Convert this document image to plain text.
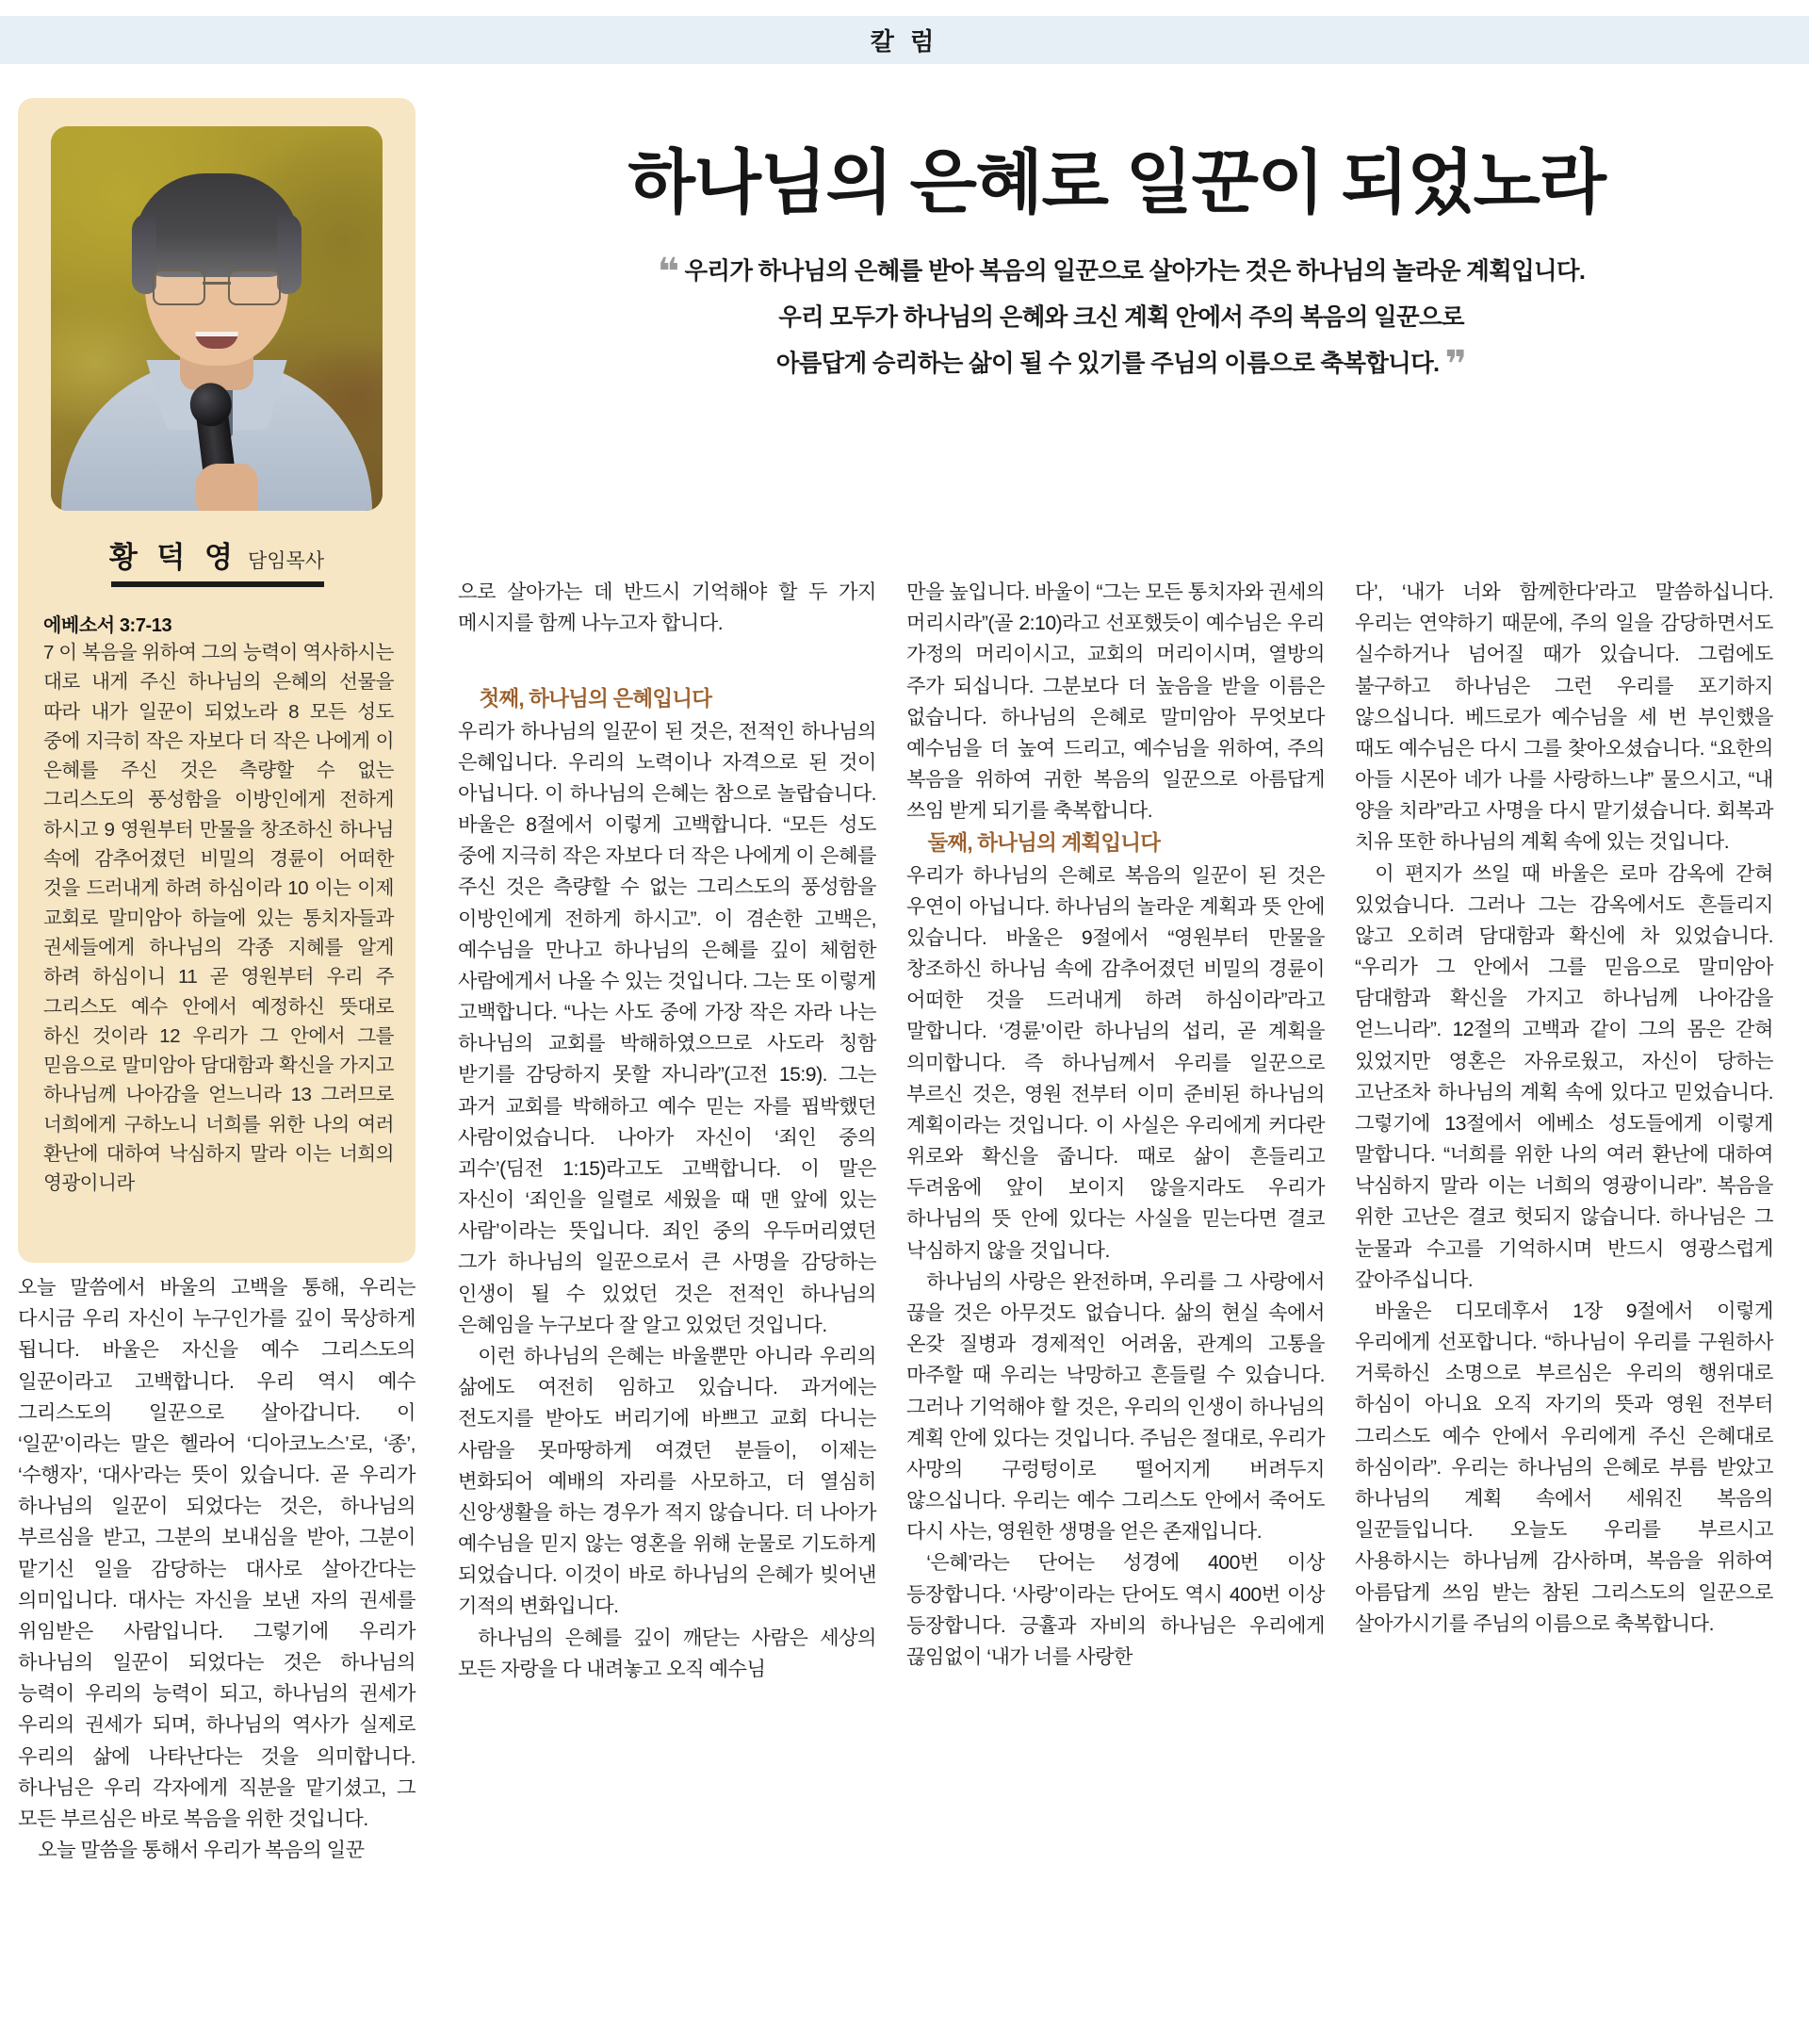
칼 럼
황 덕 영 담임목사
에베소서 3:7-13
7 이 복음을 위하여 그의 능력이 역사하시는 대로 내게 주신 하나님의 은혜의 선물을 따라 내가 일꾼이 되었노라 8 모든 성도 중에 지극히 작은 자보다 더 작은 나에게 이 은혜를 주신 것은 측량할 수 없는 그리스도의 풍성함을 이방인에게 전하게 하시고 9 영원부터 만물을 창조하신 하나님 속에 감추어졌던 비밀의 경륜이 어떠한 것을 드러내게 하려 하심이라 10 이는 이제 교회로 말미암아 하늘에 있는 통치자들과 권세들에게 하나님의 각종 지혜를 알게 하려 하심이니 11 곧 영원부터 우리 주 그리스도 예수 안에서 예정하신 뜻대로 하신 것이라 12 우리가 그 안에서 그를 믿음으로 말미암아 담대함과 확신을 가지고 하나님께 나아감을 얻느니라 13 그러므로 너희에게 구하노니 너희를 위한 나의 여러 환난에 대하여 낙심하지 말라 이는 너희의 영광이니라
하나님의 은혜로 일꾼이 되었노라
❝ 우리가 하나님의 은혜를 받아 복음의 일꾼으로 살아가는 것은 하나님의 놀라운 계획입니다.
우리 모두가 하나님의 은혜와 크신 계획 안에서 주의 복음의 일꾼으로
아름답게 승리하는 삶이 될 수 있기를 주님의 이름으로 축복합니다. ❞

오늘 말씀에서 바울의 고백을 통해, 우리는 다시금 우리 자신이 누구인가를 깊이 묵상하게 됩니다. 바울은 자신을 예수 그리스도의 일꾼이라고 고백합니다. 우리 역시 예수 그리스도의 일꾼으로 살아갑니다. 이 ‘일꾼’이라는 말은 헬라어 ‘디아코노스’로, ‘종’, ‘수행자’, ‘대사’라는 뜻이 있습니다. 곧 우리가 하나님의 일꾼이 되었다는 것은, 하나님의 부르심을 받고, 그분의 보내심을 받아, 그분이 맡기신 일을 감당하는 대사로 살아간다는 의미입니다. 대사는 자신을 보낸 자의 권세를 위임받은 사람입니다. 그렇기에 우리가 하나님의 일꾼이 되었다는 것은 하나님의 능력이 우리의 능력이 되고, 하나님의 권세가 우리의 권세가 되며, 하나님의 역사가 실제로 우리의 삶에 나타난다는 것을 의미합니다. 하나님은 우리 각자에게 직분을 맡기셨고, 그 모든 부르심은 바로 복음을 위한 것입니다.

오늘 말씀을 통해서 우리가 복음의 일꾼

으로 살아가는 데 반드시 기억해야 할 두 가지 메시지를 함께 나누고자 합니다.

첫째, 하나님의 은혜입니다

우리가 하나님의 일꾼이 된 것은, 전적인 하나님의 은혜입니다. 우리의 노력이나 자격으로 된 것이 아닙니다. 이 하나님의 은혜는 참으로 놀랍습니다. 바울은 8절에서 이렇게 고백합니다. “모든 성도 중에 지극히 작은 자보다 더 작은 나에게 이 은혜를 주신 것은 측량할 수 없는 그리스도의 풍성함을 이방인에게 전하게 하시고”. 이 겸손한 고백은, 예수님을 만나고 하나님의 은혜를 깊이 체험한 사람에게서 나올 수 있는 것입니다. 그는 또 이렇게 고백합니다. “나는 사도 중에 가장 작은 자라 나는 하나님의 교회를 박해하였으므로 사도라 칭함 받기를 감당하지 못할 자니라”(고전 15:9). 그는 과거 교회를 박해하고 예수 믿는 자를 핍박했던 사람이었습니다. 나아가 자신이 ‘죄인 중의 괴수’(딤전 1:15)라고도 고백합니다. 이 말은 자신이 ‘죄인을 일렬로 세웠을 때 맨 앞에 있는 사람’이라는 뜻입니다. 죄인 중의 우두머리였던 그가 하나님의 일꾼으로서 큰 사명을 감당하는 인생이 될 수 있었던 것은 전적인 하나님의 은혜임을 누구보다 잘 알고 있었던 것입니다.

이런 하나님의 은혜는 바울뿐만 아니라 우리의 삶에도 여전히 임하고 있습니다. 과거에는 전도지를 받아도 버리기에 바쁘고 교회 다니는 사람을 못마땅하게 여겼던 분들이, 이제는 변화되어 예배의 자리를 사모하고, 더 열심히 신앙생활을 하는 경우가 적지 않습니다. 더 나아가 예수님을 믿지 않는 영혼을 위해 눈물로 기도하게 되었습니다. 이것이 바로 하나님의 은혜가 빚어낸 기적의 변화입니다.

하나님의 은혜를 깊이 깨닫는 사람은 세상의 모든 자랑을 다 내려놓고 오직 예수님

만을 높입니다. 바울이 “그는 모든 통치자와 권세의 머리시라”(골 2:10)라고 선포했듯이 예수님은 우리 가정의 머리이시고, 교회의 머리이시며, 열방의 주가 되십니다. 그분보다 더 높음을 받을 이름은 없습니다. 하나님의 은혜로 말미암아 무엇보다 예수님을 더 높여 드리고, 예수님을 위하여, 주의 복음을 위하여 귀한 복음의 일꾼으로 아름답게 쓰임 받게 되기를 축복합니다.

둘째, 하나님의 계획입니다

우리가 하나님의 은혜로 복음의 일꾼이 된 것은 우연이 아닙니다. 하나님의 놀라운 계획과 뜻 안에 있습니다. 바울은 9절에서 “영원부터 만물을 창조하신 하나님 속에 감추어졌던 비밀의 경륜이 어떠한 것을 드러내게 하려 하심이라”라고 말합니다. ‘경륜’이란 하나님의 섭리, 곧 계획을 의미합니다. 즉 하나님께서 우리를 일꾼으로 부르신 것은, 영원 전부터 이미 준비된 하나님의 계획이라는 것입니다. 이 사실은 우리에게 커다란 위로와 확신을 줍니다. 때로 삶이 흔들리고 두려움에 앞이 보이지 않을지라도 우리가 하나님의 뜻 안에 있다는 사실을 믿는다면 결코 낙심하지 않을 것입니다.

하나님의 사랑은 완전하며, 우리를 그 사랑에서 끊을 것은 아무것도 없습니다. 삶의 현실 속에서 온갖 질병과 경제적인 어려움, 관계의 고통을 마주할 때 우리는 낙망하고 흔들릴 수 있습니다. 그러나 기억해야 할 것은, 우리의 인생이 하나님의 계획 안에 있다는 것입니다. 주님은 절대로, 우리가 사망의 구렁텅이로 떨어지게 버려두지 않으십니다. 우리는 예수 그리스도 안에서 죽어도 다시 사는, 영원한 생명을 얻은 존재입니다.

‘은혜’라는 단어는 성경에 400번 이상 등장합니다. ‘사랑’이라는 단어도 역시 400번 이상 등장합니다. 긍휼과 자비의 하나님은 우리에게 끊임없이 ‘내가 너를 사랑한

다’, ‘내가 너와 함께한다’라고 말씀하십니다. 우리는 연약하기 때문에, 주의 일을 감당하면서도 실수하거나 넘어질 때가 있습니다. 그럼에도 불구하고 하나님은 그런 우리를 포기하지 않으십니다. 베드로가 예수님을 세 번 부인했을 때도 예수님은 다시 그를 찾아오셨습니다. “요한의 아들 시몬아 네가 나를 사랑하느냐” 물으시고, “내 양을 치라”라고 사명을 다시 맡기셨습니다. 회복과 치유 또한 하나님의 계획 속에 있는 것입니다.

이 편지가 쓰일 때 바울은 로마 감옥에 갇혀 있었습니다. 그러나 그는 감옥에서도 흔들리지 않고 오히려 담대함과 확신에 차 있었습니다. “우리가 그 안에서 그를 믿음으로 말미암아 담대함과 확신을 가지고 하나님께 나아감을 얻느니라”. 12절의 고백과 같이 그의 몸은 갇혀 있었지만 영혼은 자유로웠고, 자신이 당하는 고난조차 하나님의 계획 속에 있다고 믿었습니다. 그렇기에 13절에서 에베소 성도들에게 이렇게 말합니다. “너희를 위한 나의 여러 환난에 대하여 낙심하지 말라 이는 너희의 영광이니라”. 복음을 위한 고난은 결코 헛되지 않습니다. 하나님은 그 눈물과 수고를 기억하시며 반드시 영광스럽게 갚아주십니다.

바울은 디모데후서 1장 9절에서 이렇게 우리에게 선포합니다. “하나님이 우리를 구원하사 거룩하신 소명으로 부르심은 우리의 행위대로 하심이 아니요 오직 자기의 뜻과 영원 전부터 그리스도 예수 안에서 우리에게 주신 은혜대로 하심이라”. 우리는 하나님의 은혜로 부름 받았고 하나님의 계획 속에서 세워진 복음의 일꾼들입니다. 오늘도 우리를 부르시고 사용하시는 하나님께 감사하며, 복음을 위하여 아름답게 쓰임 받는 참된 그리스도의 일꾼으로 살아가시기를 주님의 이름으로 축복합니다.
